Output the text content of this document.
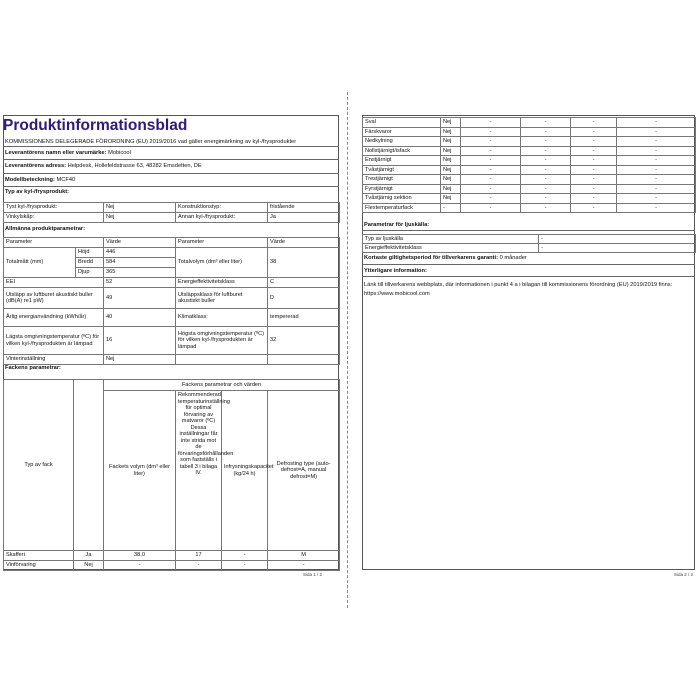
Produktinformationsblad
KOMMISSIONENS DELEGERADE FÖRORDNING (EU) 2019/2016 vad gäller energimärkning av kyl-/frysprodukter
Leverantörens namn eller varumärke: Mobicool
Leverantörens adress: Helpdesk, Hollefeldstrasse 63, 48282 Emsdetten, DE
Modellbeteckning: MCF40
Typ av kyl-/frysprodukt:
Tyst kyl-/frysprodukt:	Nej	Konstruktionstyp:	fristående
Vinkylskåp:	Nej	Annan kyl-/frysprodukt:	Ja
Allmänna produktparametrar:
Parameter		Värde	Parameter	Värde
Totalmått (mm)	Höjd	446	Totalvolym (dm³ eller liter)	38
	Bredd	584		
	Djup	365		
EEI		52	Energieffektivitetsklass	C
Utsläpp av luftburet akustiskt buller (dB(A) re1 pW)		49	Utsläppsklass för luftburet akustiskt buller	D
Årlig energianvändning (kWh/år)		40	Klimatklass:	tempererad
Lägsta omgivningstemperatur (ºC) för vilken kyl-/frysprodukten är lämpad		16	Högsta omgivningstemperatur (ºC) för vilken kyl-/frysprodukten är lämpad	32
Vinterinställning		Nej		
Fackens parametrar:
Typ av fack		Fackens parametrar och värden			
		Fackets volym (dm³ eller liter)	Rekommenderad temperaturinställning för optimal förvaring av matvaror (ºC) Dessa inställningar får inte strida mot de förvaringsförhållanden som fastställs i tabell 3 i bilaga IV.	Infrysningskapacitet (kg/24 h)	Defrosting type (auto-defrost=A, manual defrost=M)
Skafferi	Ja	38,0	17	-	M
Vinförvaring	Nej	-	-	-	-
Sida 1 / 2
Sval	Nej	-	-	-	-
Färskvaror	Nej	-	-	-	-
Nedkylning	Nej	-	-	-	-
Nollstjärnigt/isfack	Nej	-	-	-	-
Enstjärnigt	Nej	-	-	-	-
Tvåstjärnigt	Nej	-	-	-	-
Trestjärnigt	Nej	-	-	-	-
Fyrstjärnigt	Nej	-	-	-	-
Tvåstjärnig sektion	Nej	-	-	-	-
Flextemperaturfack	-	-	-	-	-
Parametrar för ljuskälla:
Typ av ljuskälla	-
Energieffektivitetsklass	-
Kortaste giltighetsperiod för tillverkarens garanti: 0 månader
Ytterligare information:
Länk till tillverkarens webbplats, där informationen i punkt 4 a i bilagan till kommissionens förordning (EU) 2019/2019 finns: https://www.mobicool.com
Sida 2 / 2
